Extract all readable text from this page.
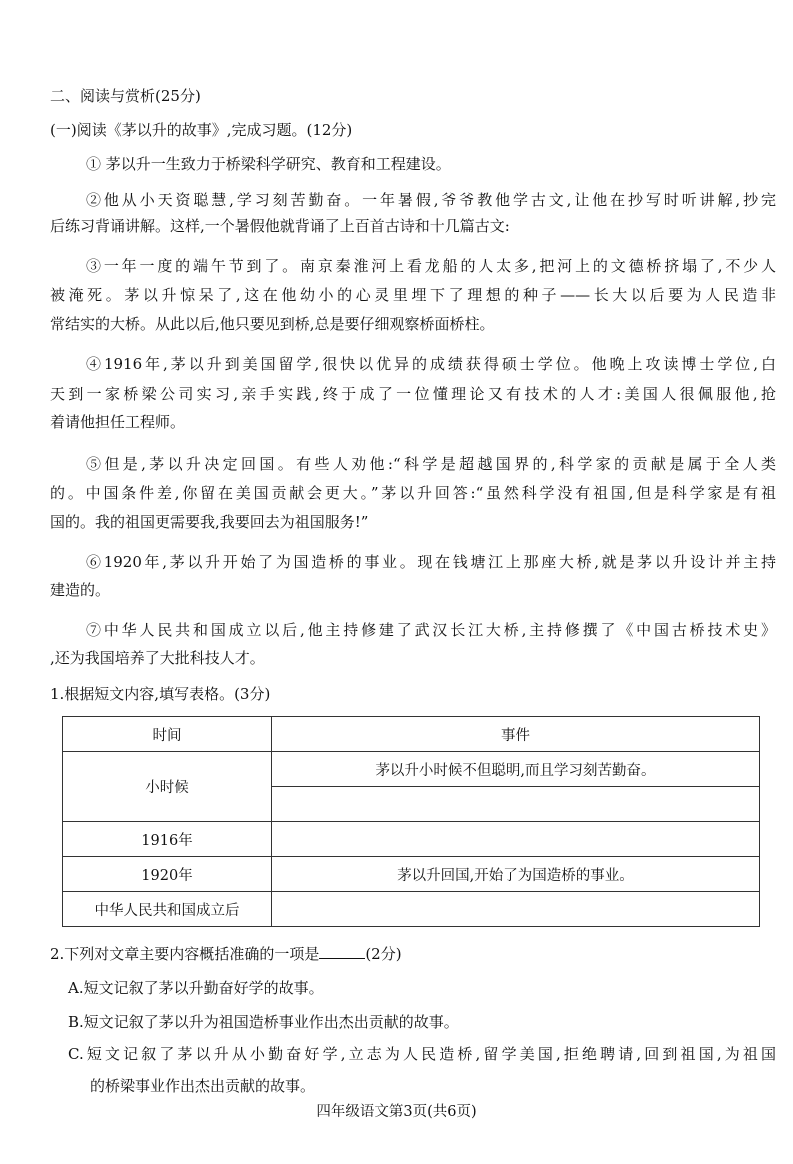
二、阅读与赏析(25分)
(一)阅读《茅以升的故事》,完成习题。(12分)
① 茅以升一生致力于桥梁科学研究、教育和工程建设。
②他从小天资聪慧,学习刻苦勤奋。一年暑假,爷爷教他学古文,让他在抄写时听讲解,抄完
后练习背诵讲解。这样,一个暑假他就背诵了上百首古诗和十几篇古文:
③一年一度的端午节到了。南京秦淮河上看龙船的人太多,把河上的文德桥挤塌了,不少人
被淹死。茅以升惊呆了,这在他幼小的心灵里埋下了理想的种子——长大以后要为人民造非
常结实的大桥。从此以后,他只要见到桥,总是要仔细观察桥面桥柱。
④1916年,茅以升到美国留学,很快以优异的成绩获得硕士学位。他晚上攻读博士学位,白
天到一家桥梁公司实习,亲手实践,终于成了一位懂理论又有技术的人才:美国人很佩服他,抢
着请他担任工程师。
⑤但是,茅以升决定回国。有些人劝他:“科学是超越国界的,科学家的贡献是属于全人类
的。中国条件差,你留在美国贡献会更大。”茅以升回答:“虽然科学没有祖国,但是科学家是有祖
国的。我的祖国更需要我,我要回去为祖国服务!”
⑥1920年,茅以升开始了为国造桥的事业。现在钱塘江上那座大桥,就是茅以升设计并主持
建造的。
⑦中华人民共和国成立以后,他主持修建了武汉长江大桥,主持修撰了《中国古桥技术史》
,还为我国培养了大批科技人才。
1.根据短文内容,填写表格。(3分)
时间	事件
小时候	茅以升小时候不但聪明,而且学习刻苦勤奋。

1916年	
1920年	茅以升回国,开始了为国造桥的事业。
中华人民共和国成立后	
2.下列对文章主要内容概括准确的一项是	(2分)
A.短文记叙了茅以升勤奋好学的故事。
B.短文记叙了茅以升为祖国造桥事业作出杰出贡献的故事。
C.短文记叙了茅以升从小勤奋好学,立志为人民造桥,留学美国,拒绝聘请,回到祖国,为祖国
的桥梁事业作出杰出贡献的故事。
四年级语文第3页(共6页)
